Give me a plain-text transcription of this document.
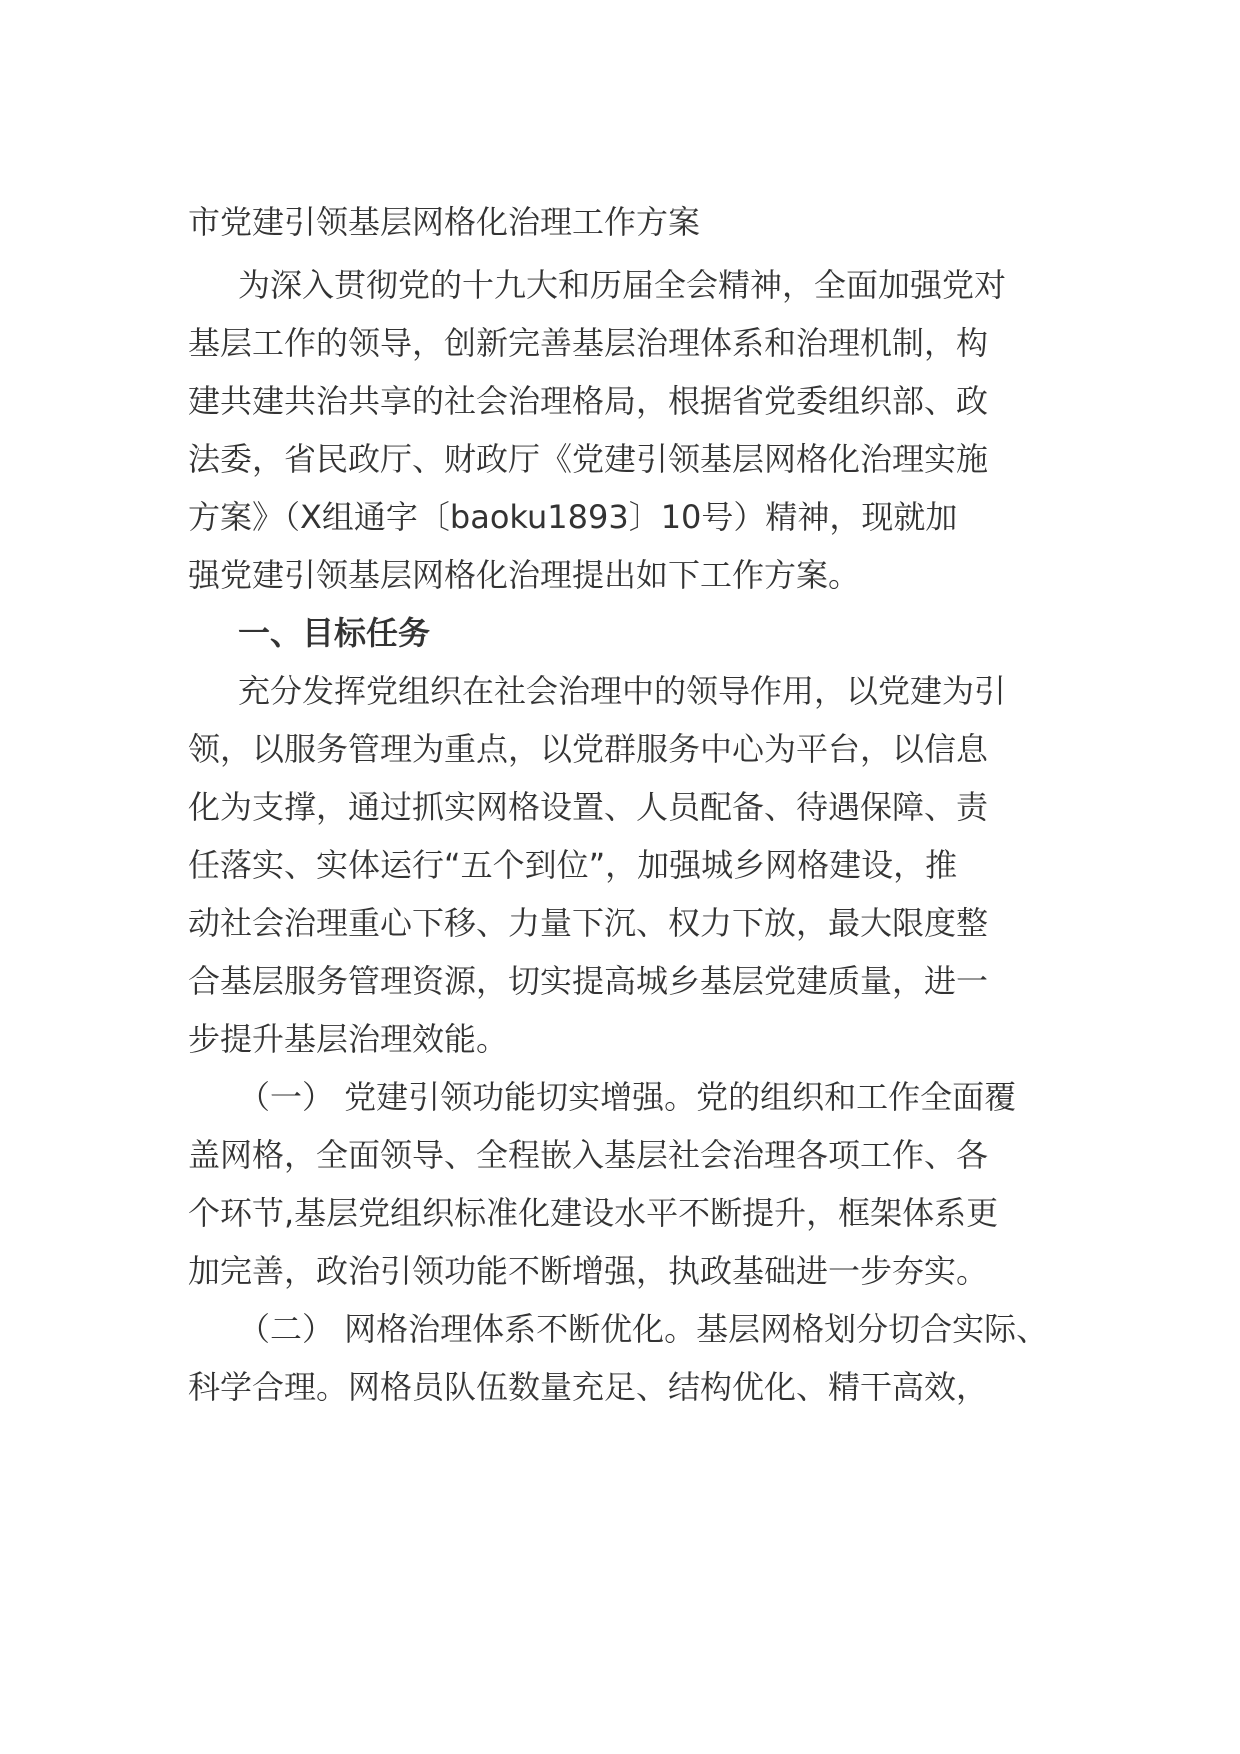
市党建引领基层网格化治理工作方案
为深入贯彻党的十九大和历届全会精神，全面加强党对
基层工作的领导，创新完善基层治理体系和治理机制，构
建共建共治共享的社会治理格局，根据省党委组织部、政
法委，省民政厅、财政厅《党建引领基层网格化治理实施
方案》（X组通字〔baoku1893〕10号）精神，现就加
强党建引领基层网格化治理提出如下工作方案。
一、目标任务
充分发挥党组织在社会治理中的领导作用，以党建为引
领，以服务管理为重点，以党群服务中心为平台，以信息
化为支撑，通过抓实网格设置、人员配备、待遇保障、责
任落实、实体运行“五个到位”，加强城乡网格建设，推
动社会治理重心下移、力量下沉、权力下放，最大限度整
合基层服务管理资源，切实提高城乡基层党建质量，进一
步提升基层治理效能。
（一） 党建引领功能切实增强。党的组织和工作全面覆
盖网格，全面领导、全程嵌入基层社会治理各项工作、各
个环节,基层党组织标准化建设水平不断提升，框架体系更
加完善，政治引领功能不断增强，执政基础进一步夯实。
（二） 网格治理体系不断优化。基层网格划分切合实际、
科学合理。网格员队伍数量充足、结构优化、精干高效，
